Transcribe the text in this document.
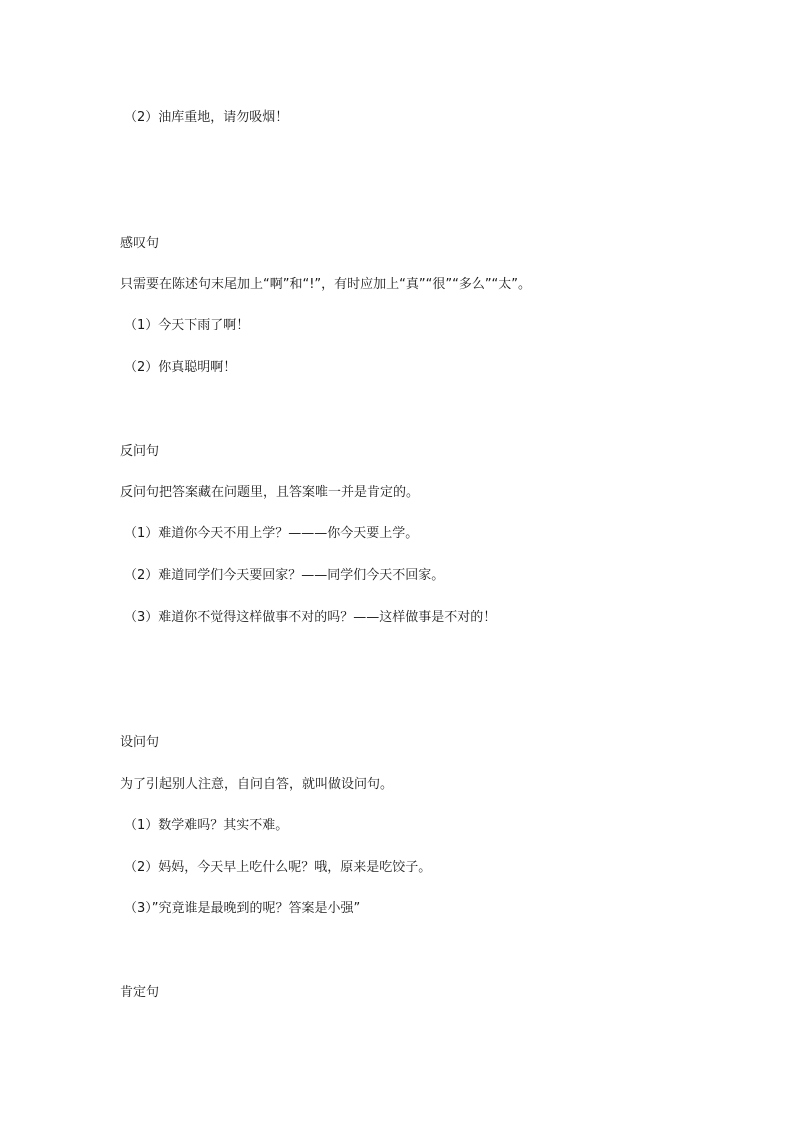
（2）油库重地，请勿吸烟！

感叹句

只需要在陈述句末尾加上“啊”和“!”，有时应加上“真”“很”“多么”“太”。

（1）今天下雨了啊！

（2）你真聪明啊！

反问句

反问句把答案藏在问题里，且答案唯一并是肯定的。

（1）难道你今天不用上学？———你今天要上学。

（2）难道同学们今天要回家？——同学们今天不回家。

（3）难道你不觉得这样做事不对的吗？——这样做事是不对的！

设问句

为了引起别人注意，自问自答，就叫做设问句。

（1）数学难吗？其实不难。

（2）妈妈，今天早上吃什么呢？哦，原来是吃饺子。

（3）”究竟谁是最晚到的呢？答案是小强”

肯定句
